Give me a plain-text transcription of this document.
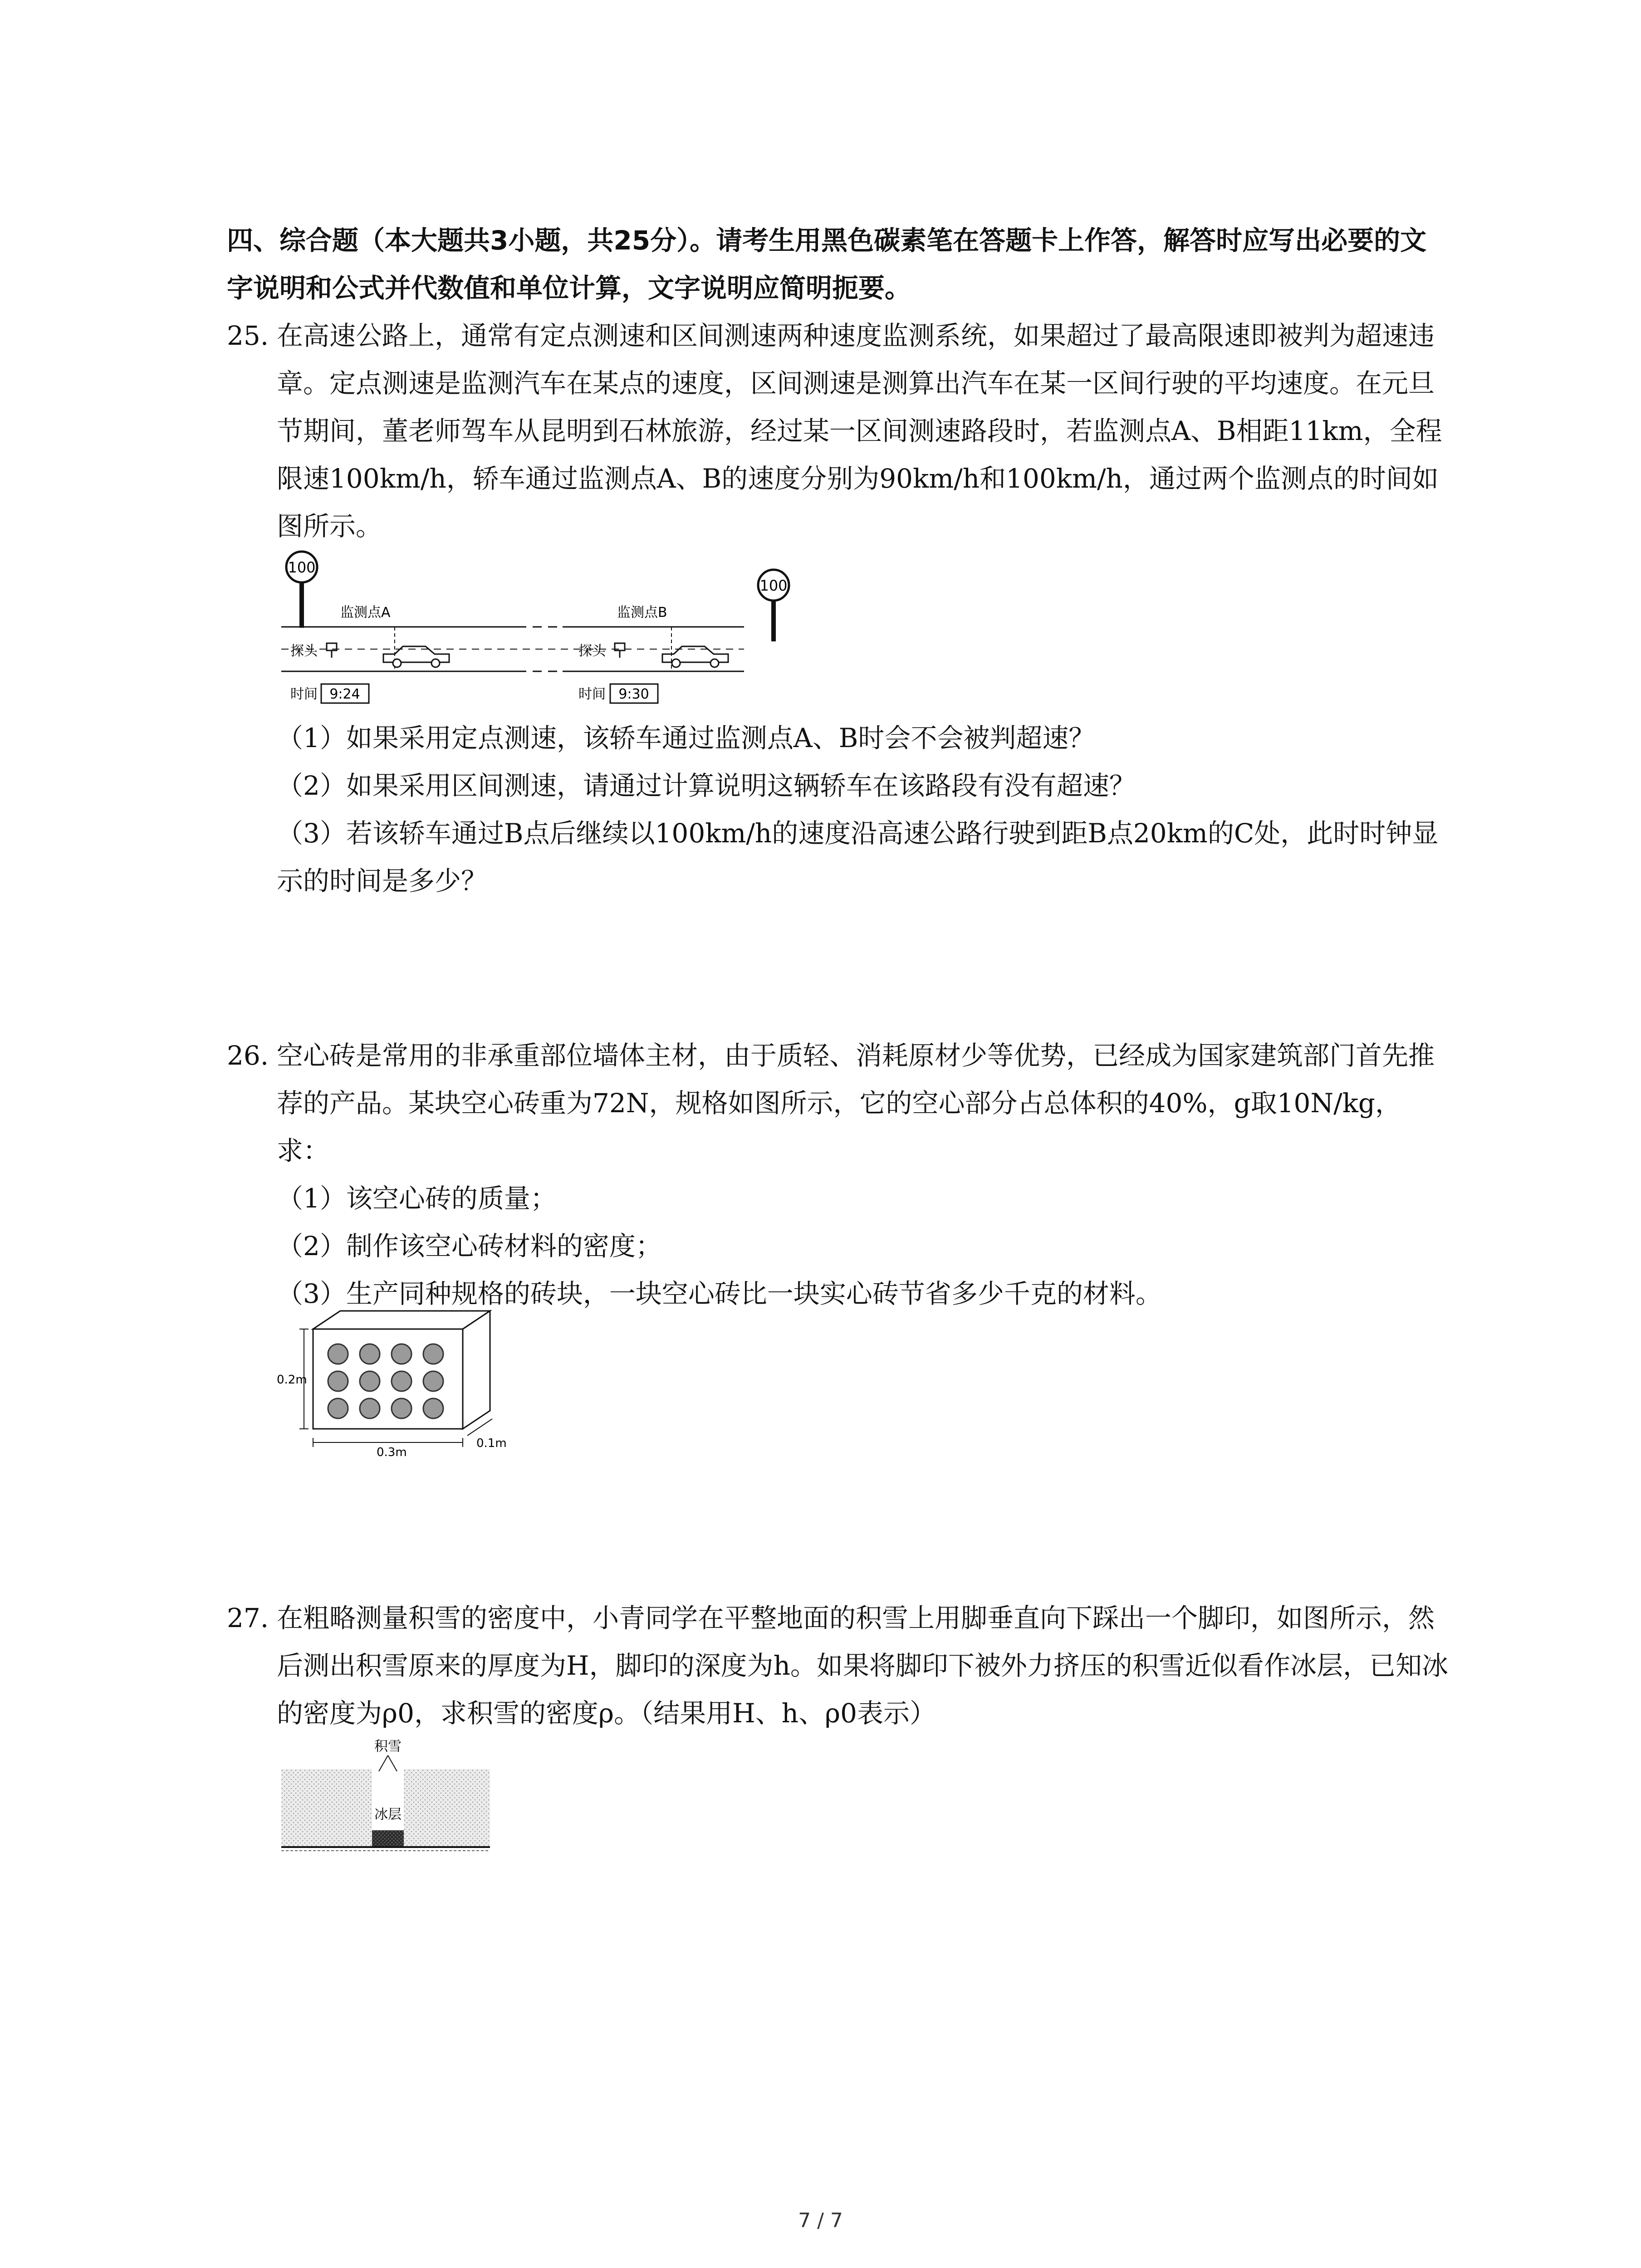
四、综合题（本大题共3小题，共25分）。请考生用黑色碳素笔在答题卡上作答，解答时应写出必要的文字说明和公式并代数值和单位计算，文字说明应简明扼要。

25. 在高速公路上，通常有定点测速和区间测速两种速度监测系统，如果超过了最高限速即被判为超速违章。定点测速是监测汽车在某点的速度，区间测速是测算出汽车在某一区间行驶的平均速度。在元旦节期间，董老师驾车从昆明到石林旅游，经过某一区间测速路段时，若监测点A、B相距11km，全程限速100km/h，轿车通过监测点A、B的速度分别为90km/h和100km/h，通过两个监测点的时间如图所示。

100
100
监测点A	监测点B
探头	探头
时间 9:24	时间 9:30

（1）如果采用定点测速，该轿车通过监测点A、B时会不会被判超速？

（2）如果采用区间测速，请通过计算说明这辆轿车在该路段有没有超速？

（3）若该轿车通过B点后继续以100km/h的速度沿高速公路行驶到距B点20km的C处，此时时钟显示的时间是多少？

26. 空心砖是常用的非承重部位墙体主材，由于质轻、消耗原材少等优势，已经成为国家建筑部门首先推荐的产品。某块空心砖重为72N，规格如图所示，它的空心部分占总体积的40%，g取10N/kg，求：

（1）该空心砖的质量；

（2）制作该空心砖材料的密度；

（3）生产同种规格的砖块，一块空心砖比一块实心砖节省多少千克的材料。

0.2m
0.3m
0.1m
27. 在粗略测量积雪的密度中，小青同学在平整地面的积雪上用脚垂直向下踩出一个脚印，如图所示，然后测出积雪原来的厚度为H，脚印的深度为h。如果将脚印下被外力挤压的积雪近似看作冰层，已知冰的密度为ρ0，求积雪的密度ρ。（结果用H、h、ρ0表示）

积雪
冰层
7 / 7
